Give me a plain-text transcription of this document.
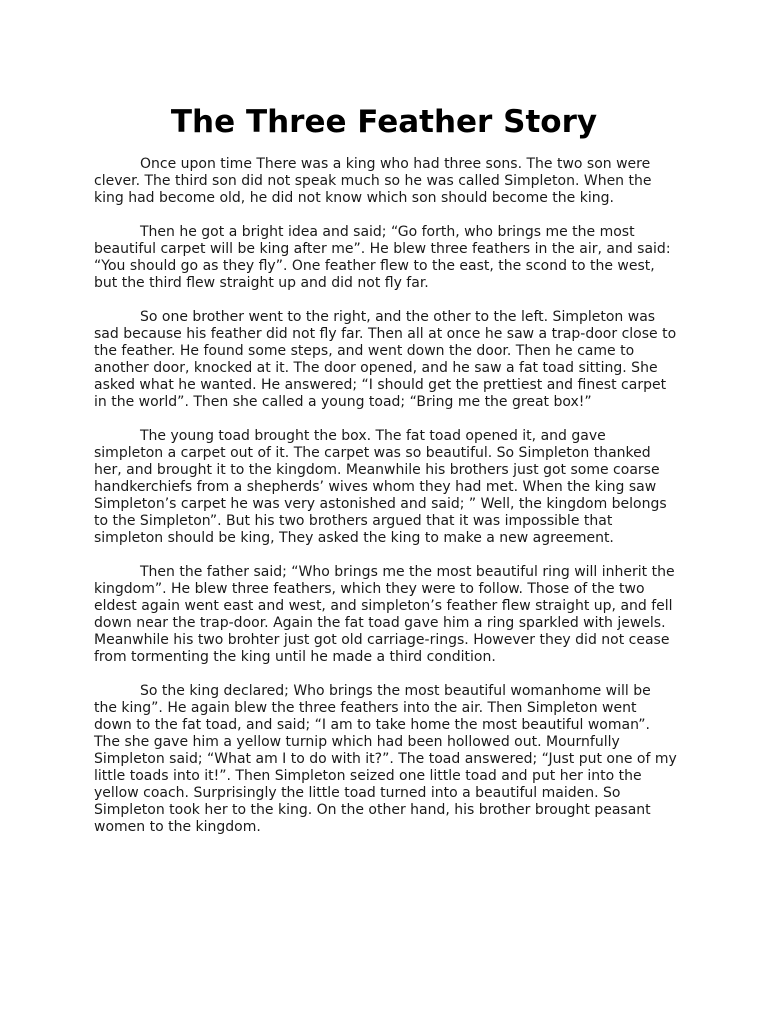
The Three Feather Story

Once upon time There was a king who had three sons. The two son were clever. The third son did not speak much so he was called Simpleton. When the king had become old, he did not know which son should become the king.

Then he got a bright idea and said; “Go forth, who brings me the most beautiful carpet will be king after me”. He blew three feathers in the air, and said: “You should go as they fly”. One feather flew to the east, the scond to the west, but the third flew straight up and did not fly far.

So one brother went to the right, and the other to the left. Simpleton was sad because his feather did not fly far. Then all at once he saw a trap-door close to the feather. He found some steps, and went down the door. Then he came to another door, knocked at it. The door opened, and he saw a fat toad sitting. She asked what he wanted. He answered; “I should get the prettiest and finest carpet in the world”. Then she called a young toad; “Bring me the great box!”

The young toad brought the box. The fat toad opened it, and gave simpleton a carpet out of it. The carpet was so beautiful. So Simpleton thanked her, and brought it to the kingdom. Meanwhile his brothers just got some coarse handkerchiefs from a shepherds’ wives whom they had met. When the king saw Simpleton’s carpet he was very astonished and said; ” Well, the kingdom belongs to the Simpleton”. But his two brothers argued that it was impossible that simpleton should be king, They asked the king to make a new agreement.

Then the father said; “Who brings me the most beautiful ring will inherit the kingdom”. He blew three feathers, which they were to follow. Those of the two eldest again went east and west, and simpleton’s feather flew straight up, and fell down near the trap-door. Again the fat toad gave him a ring sparkled with jewels. Meanwhile his two brohter just got old carriage-rings. However they did not cease from tormenting the king until he made a third condition.

So the king declared; Who brings the most beautiful womanhome will be the king”. He again blew the three feathers into the air. Then Simpleton went down to the fat toad, and said; “I am to take home the most beautiful woman”. The she gave him a yellow turnip which had been hollowed out. Mournfully Simpleton said; “What am I to do with it?”. The toad answered; “Just put one of my little toads into it!”. Then Simpleton seized one little toad and put her into the yellow coach. Surprisingly the little toad turned into a beautiful maiden. So Simpleton took her to the king. On the other hand, his brother brought peasant women to the kingdom.
